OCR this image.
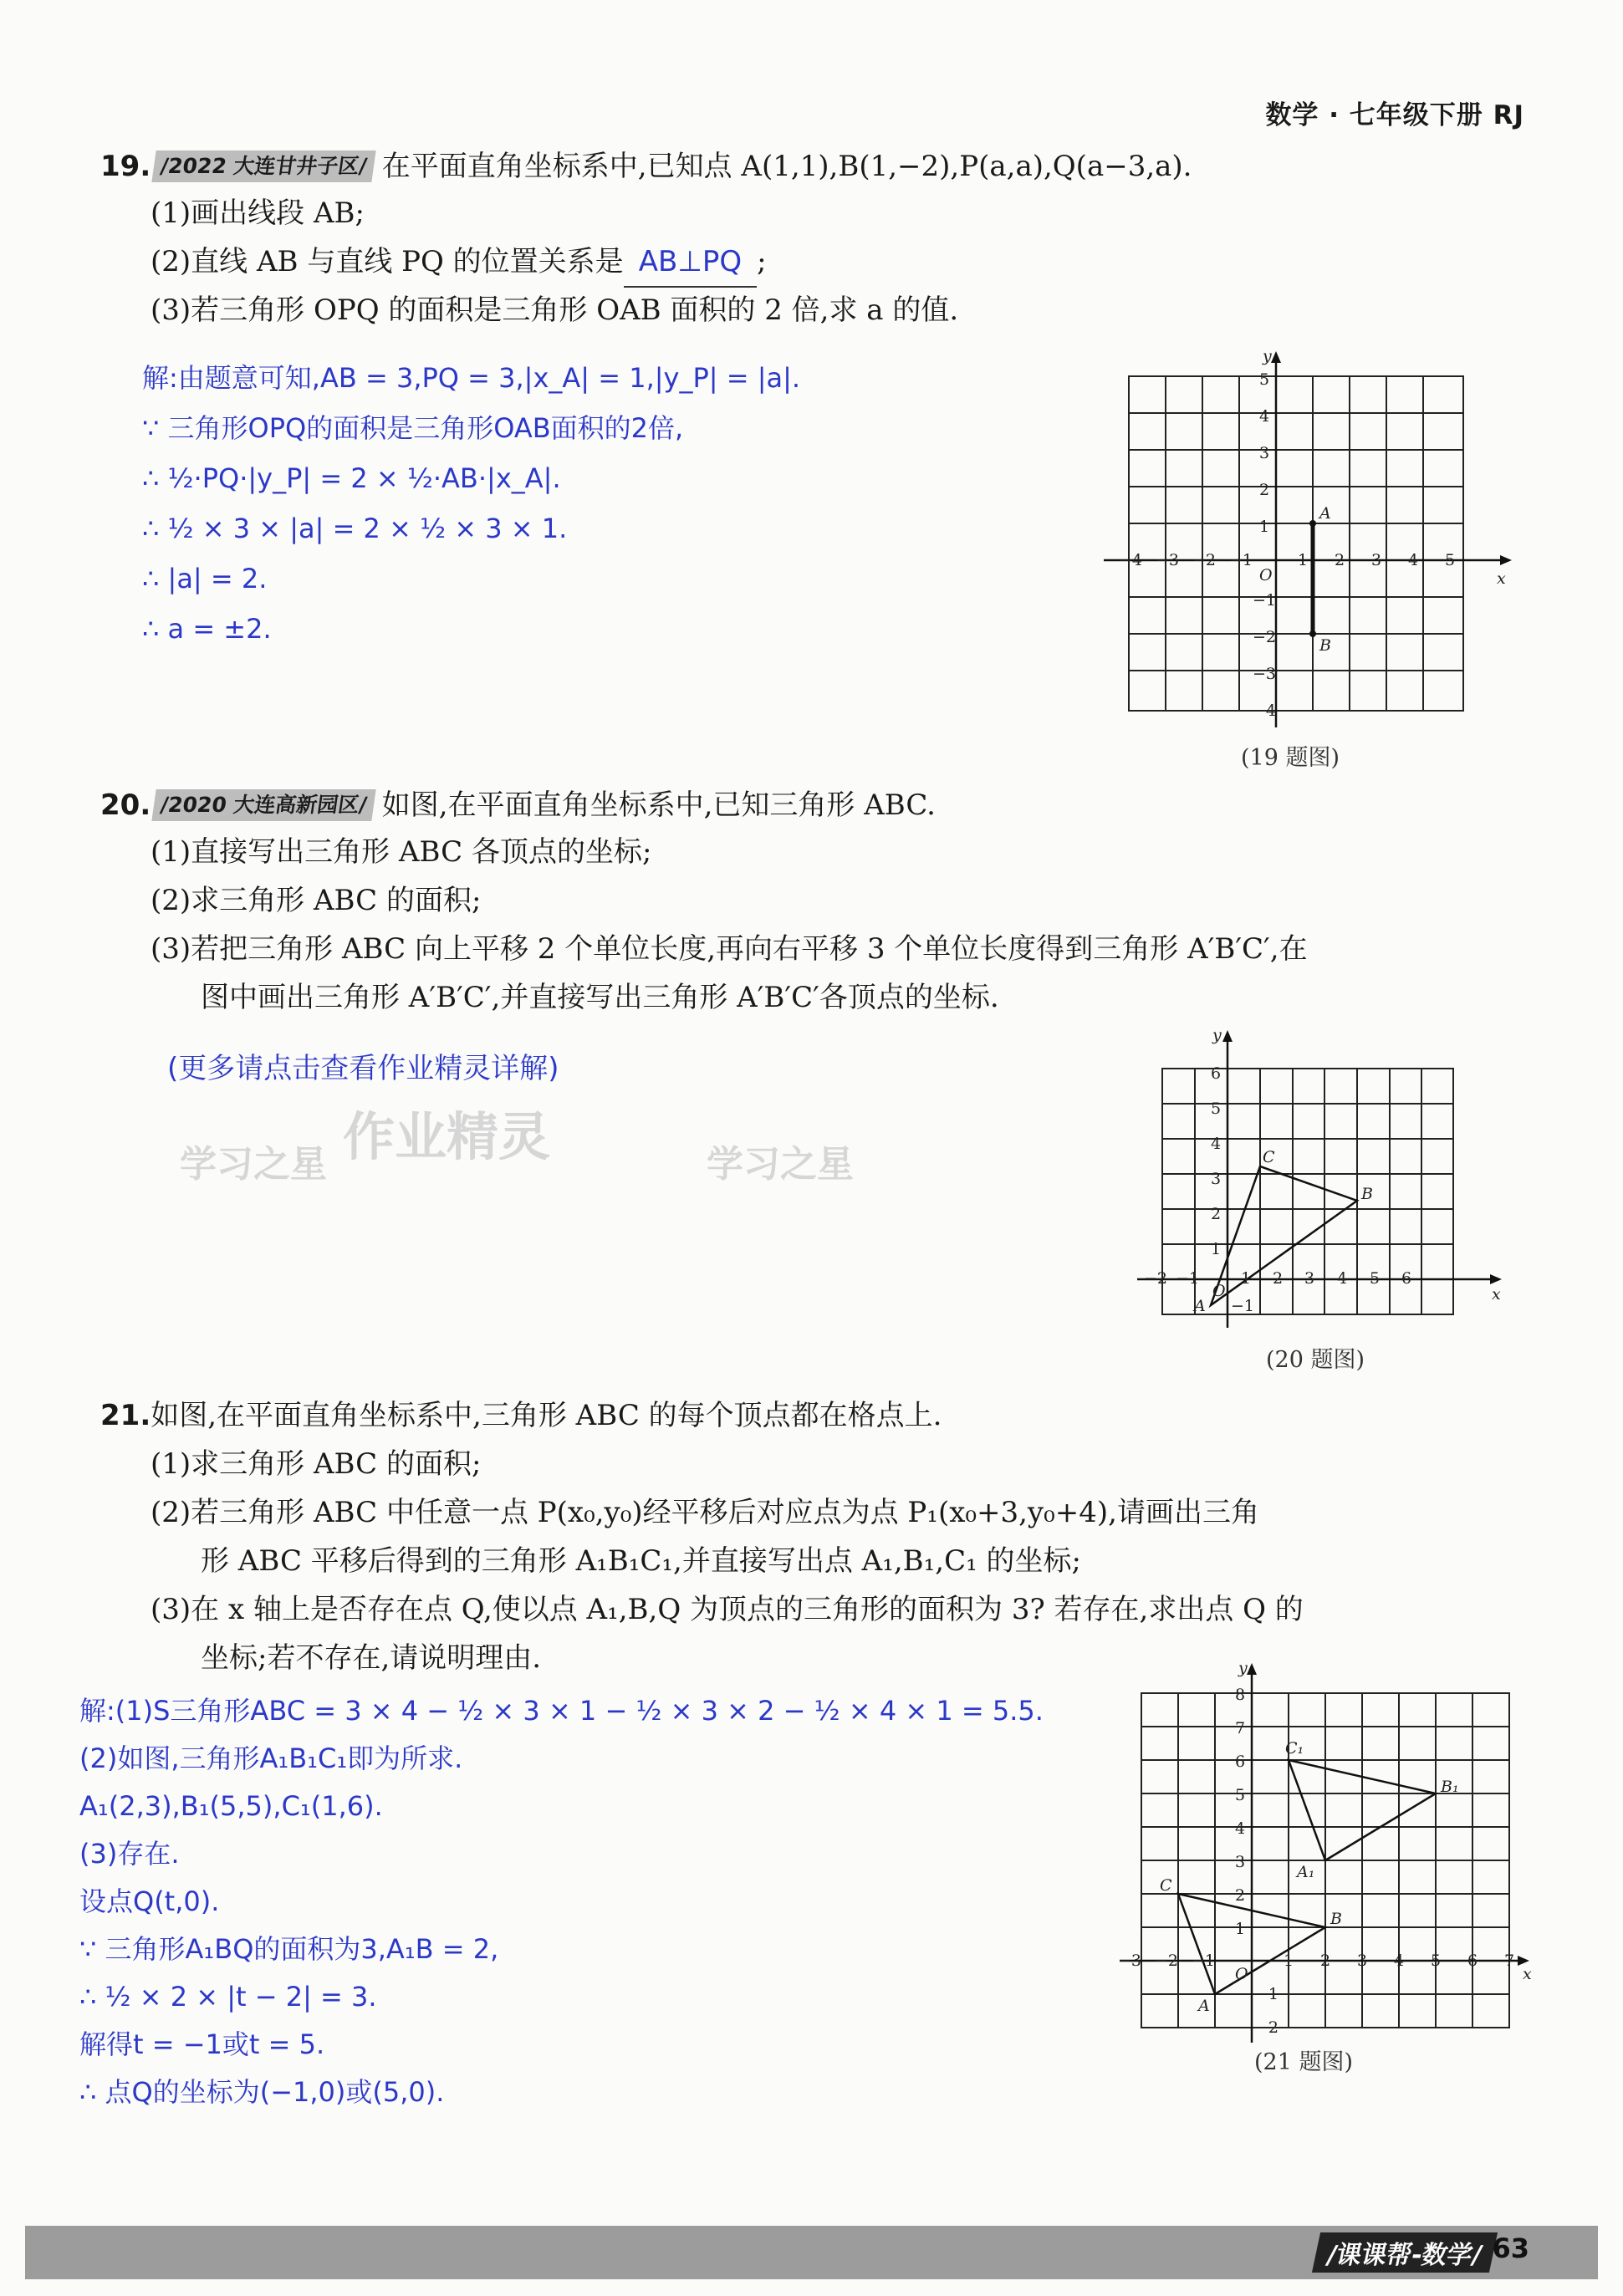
数学 · 七年级下册 RJ
19. /2022 大连甘井子区/ 在平面直角坐标系中,已知点 A(1,1),B(1,−2),P(a,a),Q(a−3,a).
(1)画出线段 AB;
(2)直线 AB 与直线 PQ 的位置关系是 AB⊥PQ ;
(3)若三角形 OPQ 的面积是三角形 OAB 面积的 2 倍,求 a 的值.
解:由题意可知,AB = 3,PQ = 3,|x_A| = 1,|y_P| = |a|.
∵ 三角形OPQ的面积是三角形OAB面积的2倍,
∴ ½·PQ·|y_P| = 2 × ½·AB·|x_A|.
∴ ½ × 3 × |a| = 2 × ½ × 3 × 1.
∴ |a| = 2.
∴ a = ±2.
A
B
O	x
y
−4 −3 −2 −1	1 2 3 4 5
5
4
3
2
1
−1
−2
−3
−4
(19 题图)
20. /2020 大连高新园区/ 如图,在平面直角坐标系中,已知三角形 ABC.
(1)直接写出三角形 ABC 各顶点的坐标;
(2)求三角形 ABC 的面积;
(3)若把三角形 ABC 向上平移 2 个单位长度,再向右平移 3 个单位长度得到三角形 A′B′C′,在
图中画出三角形 A′B′C′,并直接写出三角形 A′B′C′各顶点的坐标.
(更多请点击查看作业精灵详解)
学习之星 作业精灵	学习之星
A
B
C
O	x
y
−2 −1	1 2 3 4 5 6
6
5
4
3
2
1
−1
(20 题图)
21.如图,在平面直角坐标系中,三角形 ABC 的每个顶点都在格点上.
(1)求三角形 ABC 的面积;
(2)若三角形 ABC 中任意一点 P(x₀,y₀)经平移后对应点为点 P₁(x₀+3,y₀+4),请画出三角
形 ABC 平移后得到的三角形 A₁B₁C₁,并直接写出点 A₁,B₁,C₁ 的坐标;
(3)在 x 轴上是否存在点 Q,使以点 A₁,B,Q 为顶点的三角形的面积为 3? 若存在,求出点 Q 的
坐标;若不存在,请说明理由.
解:(1)S三角形ABC = 3 × 4 − ½ × 3 × 1 − ½ × 3 × 2 − ½ × 4 × 1 = 5.5.
(2)如图,三角形A₁B₁C₁即为所求.
A₁(2,3),B₁(5,5),C₁(1,6).
(3)存在.
设点Q(t,0).
∵ 三角形A₁BQ的面积为3,A₁B = 2,
∴ ½ × 2 × |t − 2| = 3.
解得t = −1或t = 5.
∴ 点Q的坐标为(−1,0)或(5,0).
A
B
C
A₁
B₁
C₁
O	x
y
−3 −2 −1	1 2 3 4 5 6 7
8
7
6
5
4
3
2
1
−1
−2
(21 题图)
/课课帮-数学/ 63
